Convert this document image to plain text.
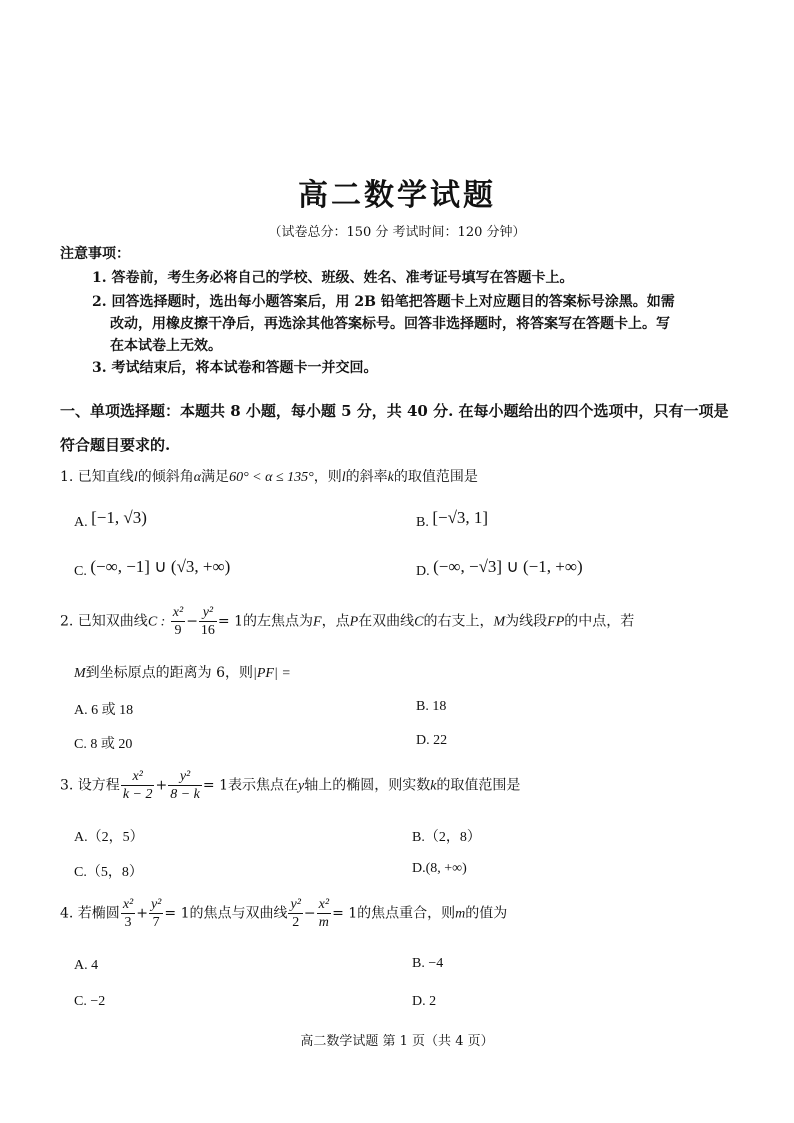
高二数学试题
（试卷总分：150 分 考试时间：120 分钟）
注意事项：
1. 答卷前，考生务必将自己的学校、班级、姓名、准考证号填写在答题卡上。
2. 回答选择题时，选出每小题答案后，用 2B 铅笔把答题卡上对应题目的答案标号涂黑。如需
改动，用橡皮擦干净后，再选涂其他答案标号。回答非选择题时，将答案写在答题卡上。写
在本试卷上无效。
3. 考试结束后，将本试卷和答题卡一并交回。
一、单项选择题：本题共 8 小题，每小题 5 分，共 40 分. 在每小题给出的四个选项中，只有一项是
符合题目要求的.
1. 已知直线l的倾斜角α满足60° < α ≤ 135°，则l的斜率k的取值范围是
A. [−1, √3)	B. [−√3, 1]
C. (−∞, −1] ∪ (√3, +∞)	D. (−∞, −√3] ∪ (−1, +∞)
2. 已知双曲线C : $\frac{\text{x²}}{9} - \frac{\text{y²}}{16} = 1$的左焦点为F，点P在双曲线C的右支上，M为线段FP的中点，若
M到坐标原点的距离为 6，则|PF| =
A. 6 或 18	B. 18
C. 8 或 20	D. 22
3. 设方程 $\frac{\text{x²}}{k - 2} + \frac{\text{y²}}{8 - k} = 1$表示焦点在y轴上的椭圆，则实数k的取值范围是
A.（2，5）	B.（2，8）
C.（5，8）	D.(8, +∞)
4. 若椭圆 $\frac{\text{x²}}{3} + \frac{\text{y²}}{7} = 1$的焦点与双曲线 $\frac{\text{y²}}{2} - \frac{\text{x²}}{m} = 1$的焦点重合，则m的值为
A. 4	B. −4
C. −2	D. 2
高二数学试题 第 1 页（共 4 页）
